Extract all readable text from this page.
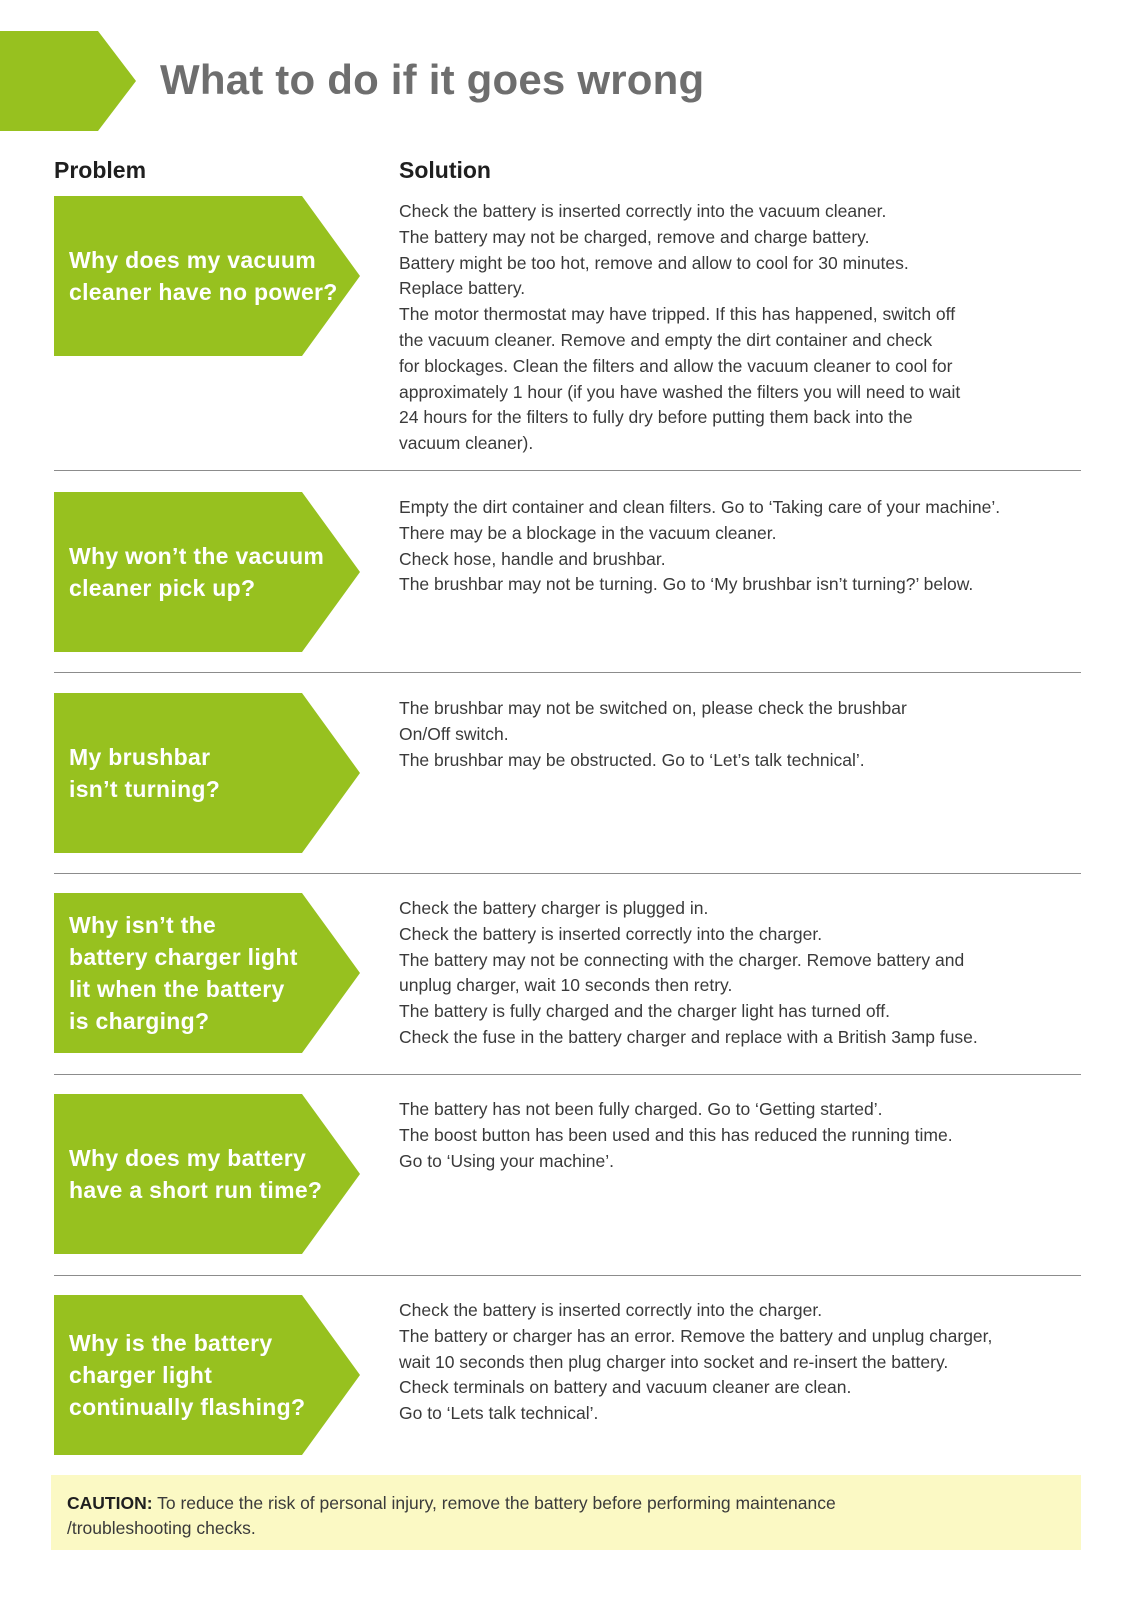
What to do if it goes wrong
Problem	Solution
Why does my vacuum
cleaner have no power?

Check the battery is inserted correctly into the vacuum cleaner.

The battery may not be charged, remove and charge battery.

Battery might be too hot, remove and allow to cool for 30 minutes.

Replace battery.

The motor thermostat may have tripped. If this has happened, switch off

the vacuum cleaner. Remove and empty the dirt container and check

for blockages. Clean the filters and allow the vacuum cleaner to cool for

approximately 1 hour (if you have washed the filters you will need to wait

24 hours for the filters to fully dry before putting them back into the

vacuum cleaner).

Why won’t the vacuum
cleaner pick up?

Empty the dirt container and clean filters. Go to ‘Taking care of your machine’.

There may be a blockage in the vacuum cleaner.

Check hose, handle and brushbar.

The brushbar may not be turning. Go to ‘My brushbar isn’t turning?’ below.

My brushbar
isn’t turning?

The brushbar may not be switched on, please check the brushbar

On/Off switch.

The brushbar may be obstructed. Go to ‘Let’s talk technical’.

Why isn’t the
battery charger light
lit when the battery
is charging?

Check the battery charger is plugged in.

Check the battery is inserted correctly into the charger.

The battery may not be connecting with the charger. Remove battery and

unplug charger, wait 10 seconds then retry.

The battery is fully charged and the charger light has turned off.

Check the fuse in the battery charger and replace with a British 3amp fuse.

Why does my battery
have a short run time?

The battery has not been fully charged. Go to ‘Getting started’.

The boost button has been used and this has reduced the running time.

Go to ‘Using your machine’.

Why is the battery
charger light
continually flashing?

Check the battery is inserted correctly into the charger.

The battery or charger has an error. Remove the battery and unplug charger,

wait 10 seconds then plug charger into socket and re-insert the battery.

Check terminals on battery and vacuum cleaner are clean.

Go to ‘Lets talk technical’.

CAUTION: To reduce the risk of personal injury, remove the battery before performing maintenance
/troubleshooting checks.
